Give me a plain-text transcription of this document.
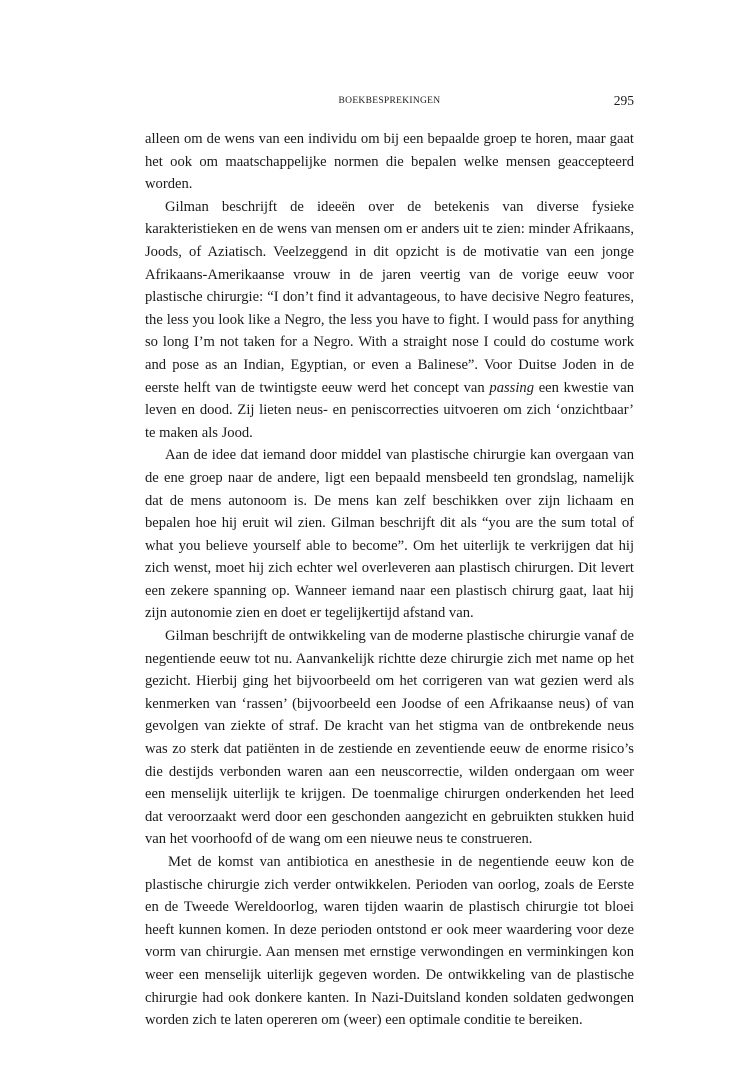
BOEKBESPREKINGEN	295

alleen om de wens van een individu om bij een bepaalde groep te horen, maar gaat het ook om maatschappelijke normen die bepalen welke mensen geaccepteerd worden.

Gilman beschrijft de ideeën over de betekenis van diverse fysieke karakteristieken en de wens van mensen om er anders uit te zien: minder Afrikaans, Joods, of Aziatisch. Veelzeggend in dit opzicht is de motivatie van een jonge Afrikaans-Amerikaanse vrouw in de jaren veertig van de vorige eeuw voor plastische chirurgie: “I don’t find it advantageous, to have decisive Negro features, the less you look like a Negro, the less you have to fight. I would pass for anything so long I’m not taken for a Negro. With a straight nose I could do costume work and pose as an Indian, Egyptian, or even a Balinese”. Voor Duitse Joden in de eerste helft van de twintigste eeuw werd het concept van passing een kwestie van leven en dood. Zij lieten neus- en peniscorrecties uitvoeren om zich ‘onzichtbaar’ te maken als Jood.

Aan de idee dat iemand door middel van plastische chirurgie kan overgaan van de ene groep naar de andere, ligt een bepaald mensbeeld ten grondslag, namelijk dat de mens autonoom is. De mens kan zelf beschikken over zijn lichaam en bepalen hoe hij eruit wil zien. Gilman beschrijft dit als “you are the sum total of what you believe yourself able to become”. Om het uiterlijk te verkrijgen dat hij zich wenst, moet hij zich echter wel overleveren aan plastisch chirurgen. Dit levert een zekere spanning op. Wanneer iemand naar een plastisch chirurg gaat, laat hij zijn autonomie zien en doet er tegelijkertijd afstand van.

Gilman beschrijft de ontwikkeling van de moderne plastische chirurgie vanaf de negentiende eeuw tot nu. Aanvankelijk richtte deze chirurgie zich met name op het gezicht. Hierbij ging het bijvoorbeeld om het corrigeren van wat gezien werd als kenmerken van ‘rassen’ (bijvoorbeeld een Joodse of een Afrikaanse neus) of van gevolgen van ziekte of straf. De kracht van het stigma van de ontbrekende neus was zo sterk dat patiënten in de zestiende en zeventiende eeuw de enorme risico’s die destijds verbonden waren aan een neuscorrectie, wilden ondergaan om weer een menselijk uiterlijk te krijgen. De toenmalige chirurgen onderkenden het leed dat veroorzaakt werd door een geschonden aangezicht en gebruikten stukken huid van het voorhoofd of de wang om een nieuwe neus te construeren.

Met de komst van antibiotica en anesthesie in de negentiende eeuw kon de plastische chirurgie zich verder ontwikkelen. Perioden van oorlog, zoals de Eerste en de Tweede Wereldoorlog, waren tijden waarin de plastisch chirurgie tot bloei heeft kunnen komen. In deze perioden ontstond er ook meer waardering voor deze vorm van chirurgie. Aan mensen met ernstige verwondingen en verminkingen kon weer een menselijk uiterlijk gegeven worden. De ontwikkeling van de plastische chirurgie had ook donkere kanten. In Nazi-Duitsland konden soldaten gedwongen worden zich te laten opereren om (weer) een optimale conditie te bereiken.
